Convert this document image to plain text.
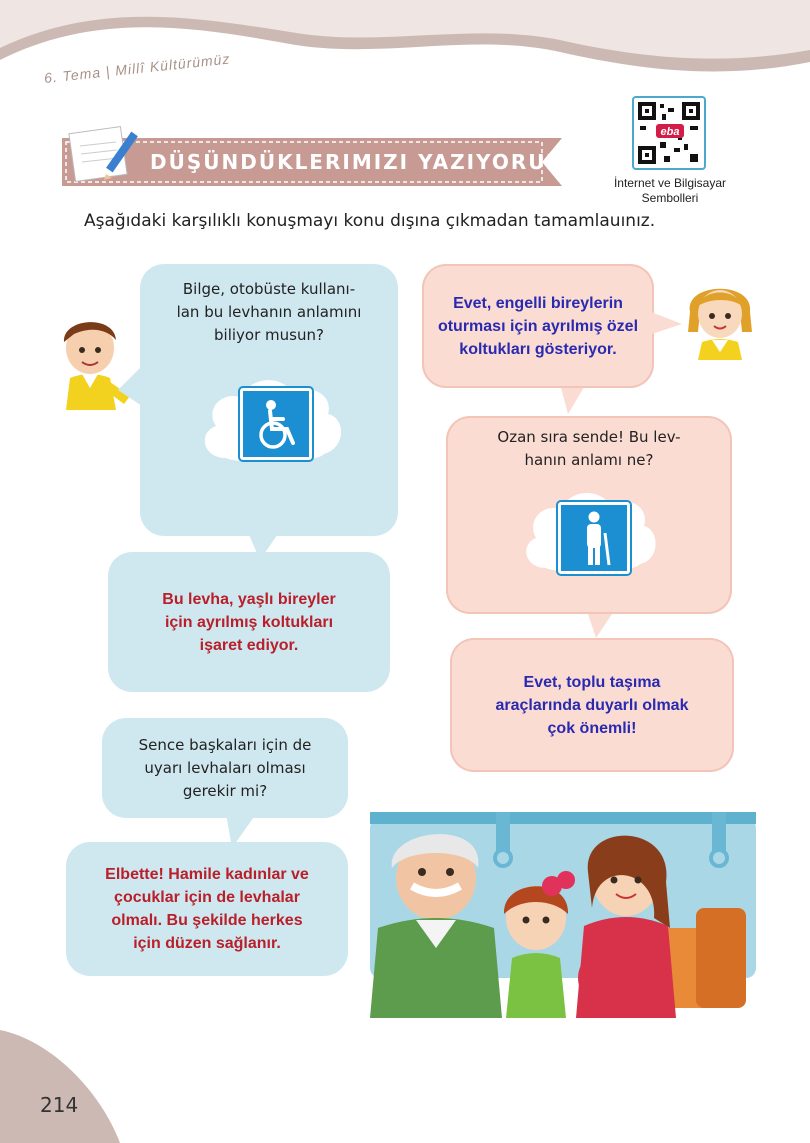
6. Tema | Millî Kültürümüz
DÜŞÜNDÜKLERIMIZI YAZIYORUZ
eba
İnternet ve Bilgisayar
Sembolleri
Aşağıdaki karşılıklı konuşmayı konu dışına çıkmadan tamamlauınız.
Bilge, otobüste kullanı-
lan bu levhanın anlamını
biliyor musun?
Evet, engelli bireylerin
oturması için ayrılmış özel
koltukları gösteriyor.
Ozan sıra sende! Bu lev-
hanın anlamı ne?
Bu levha, yaşlı bireyler
için ayrılmış koltukları
işaret ediyor.
Evet, toplu taşıma
araçlarında duyarlı olmak
çok önemli!
Sence başkaları için de
uyarı levhaları olması
gerekir mi?
Elbette! Hamile kadınlar ve
çocuklar için de levhalar
olmalı. Bu şekilde herkes
için düzen sağlanır.
214
